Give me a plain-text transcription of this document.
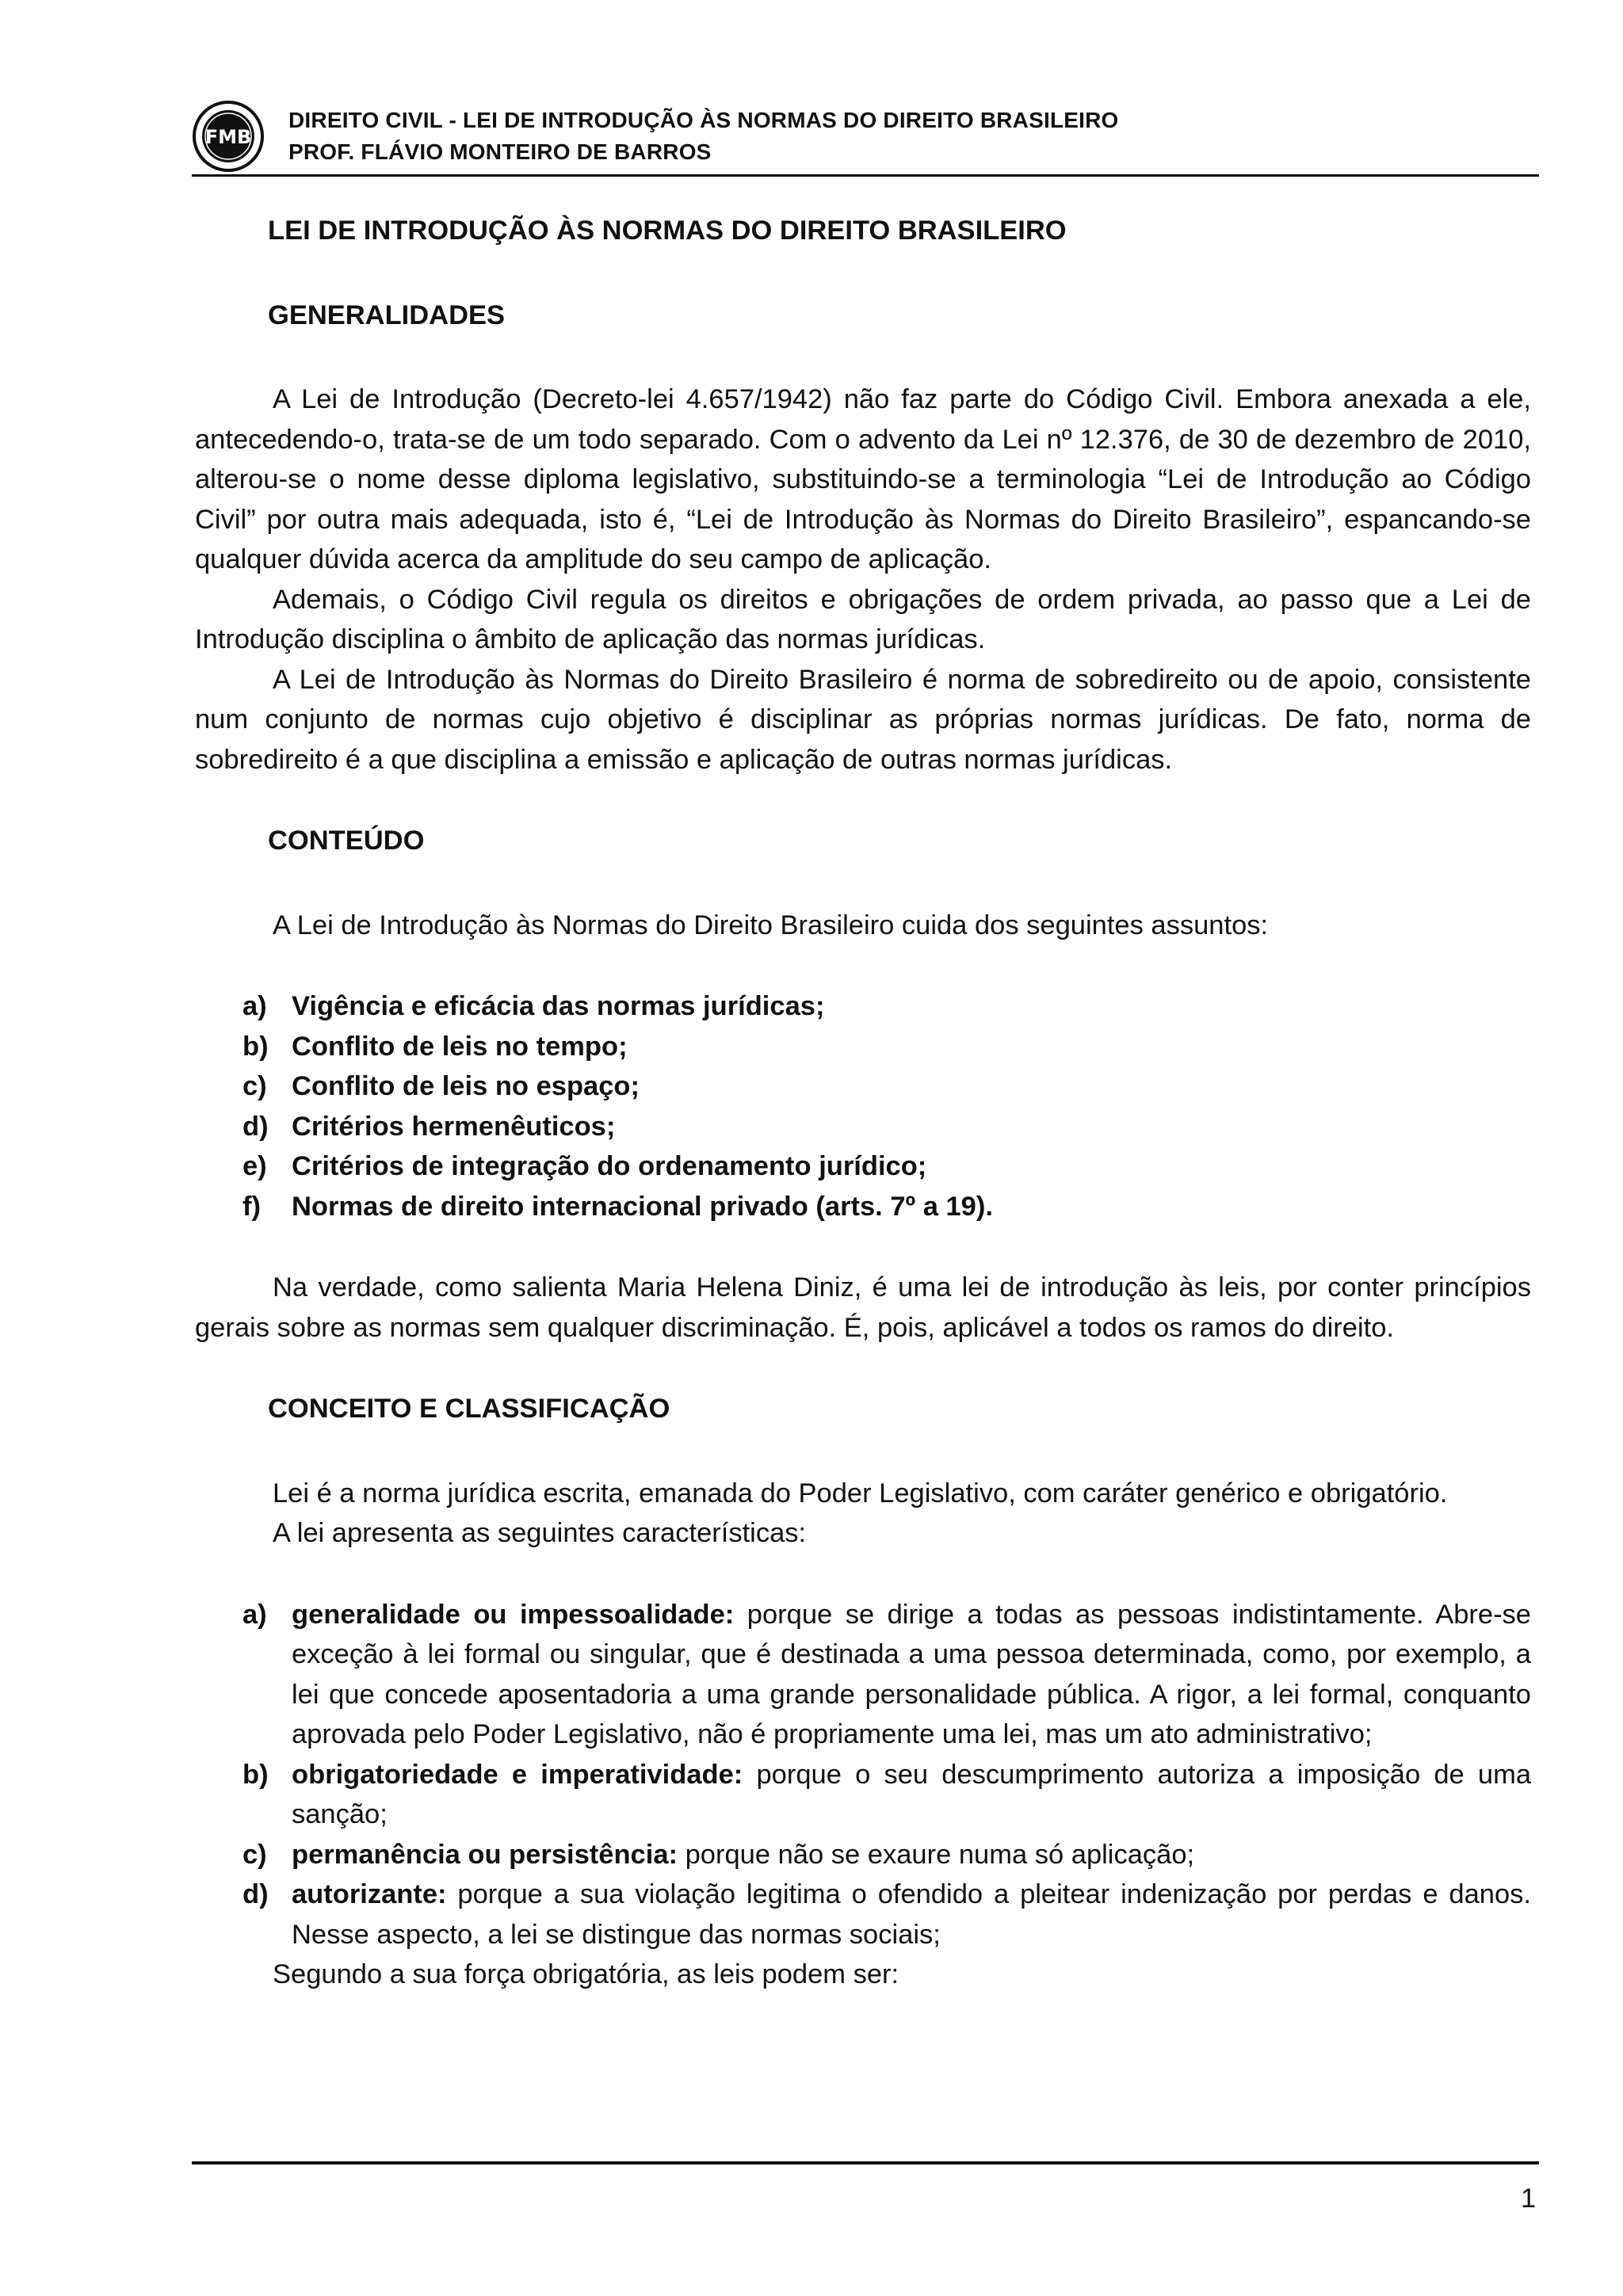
FMB
DIREITO CIVIL - LEI DE INTRODUÇÃO ÀS NORMAS DO DIREITO BRASILEIRO
PROF. FLÁVIO MONTEIRO DE BARROS
LEI DE INTRODUÇÃO ÀS NORMAS DO DIREITO BRASILEIRO
GENERALIDADES

A Lei de Introdução (Decreto-lei 4.657/1942) não faz parte do Código Civil. Embora anexada a ele, antecedendo-o, trata-se de um todo separado. Com o advento da Lei nº 12.376, de 30 de dezembro de 2010, alterou-se o nome desse diploma legislativo, substituindo-se a terminologia “Lei de Introdução ao Código Civil” por outra mais adequada, isto é, “Lei de Introdução às Normas do Direito Brasileiro”, espancando-se qualquer dúvida acerca da amplitude do seu campo de aplicação.

Ademais, o Código Civil regula os direitos e obrigações de ordem privada, ao passo que a Lei de Introdução disciplina o âmbito de aplicação das normas jurídicas.

A Lei de Introdução às Normas do Direito Brasileiro é norma de sobredireito ou de apoio, consistente num conjunto de normas cujo objetivo é disciplinar as próprias normas jurídicas. De fato, norma de sobredireito é a que disciplina a emissão e aplicação de outras normas jurídicas.

CONTEÚDO

A Lei de Introdução às Normas do Direito Brasileiro cuida dos seguintes assuntos:

a) Vigência e eficácia das normas jurídicas;
b) Conflito de leis no tempo;
c) Conflito de leis no espaço;
d) Critérios hermenêuticos;
e) Critérios de integração do ordenamento jurídico;
f) Normas de direito internacional privado (arts. 7º a 19).

Na verdade, como salienta Maria Helena Diniz, é uma lei de introdução às leis, por conter princípios gerais sobre as normas sem qualquer discriminação. É, pois, aplicável a todos os ramos do direito.

CONCEITO E CLASSIFICAÇÃO

Lei é a norma jurídica escrita, emanada do Poder Legislativo, com caráter genérico e obrigatório.

A lei apresenta as seguintes características:

a) generalidade ou impessoalidade: porque se dirige a todas as pessoas indistintamente. Abre-se exceção à lei formal ou singular, que é destinada a uma pessoa determinada, como, por exemplo, a lei que concede aposentadoria a uma grande personalidade pública. A rigor, a lei formal, conquanto aprovada pelo Poder Legislativo, não é propriamente uma lei, mas um ato administrativo;
b) obrigatoriedade e imperatividade: porque o seu descumprimento autoriza a imposição de uma sanção;
c) permanência ou persistência: porque não se exaure numa só aplicação;
d) autorizante: porque a sua violação legitima o ofendido a pleitear indenização por perdas e danos. Nesse aspecto, a lei se distingue das normas sociais;

Segundo a sua força obrigatória, as leis podem ser:

1
